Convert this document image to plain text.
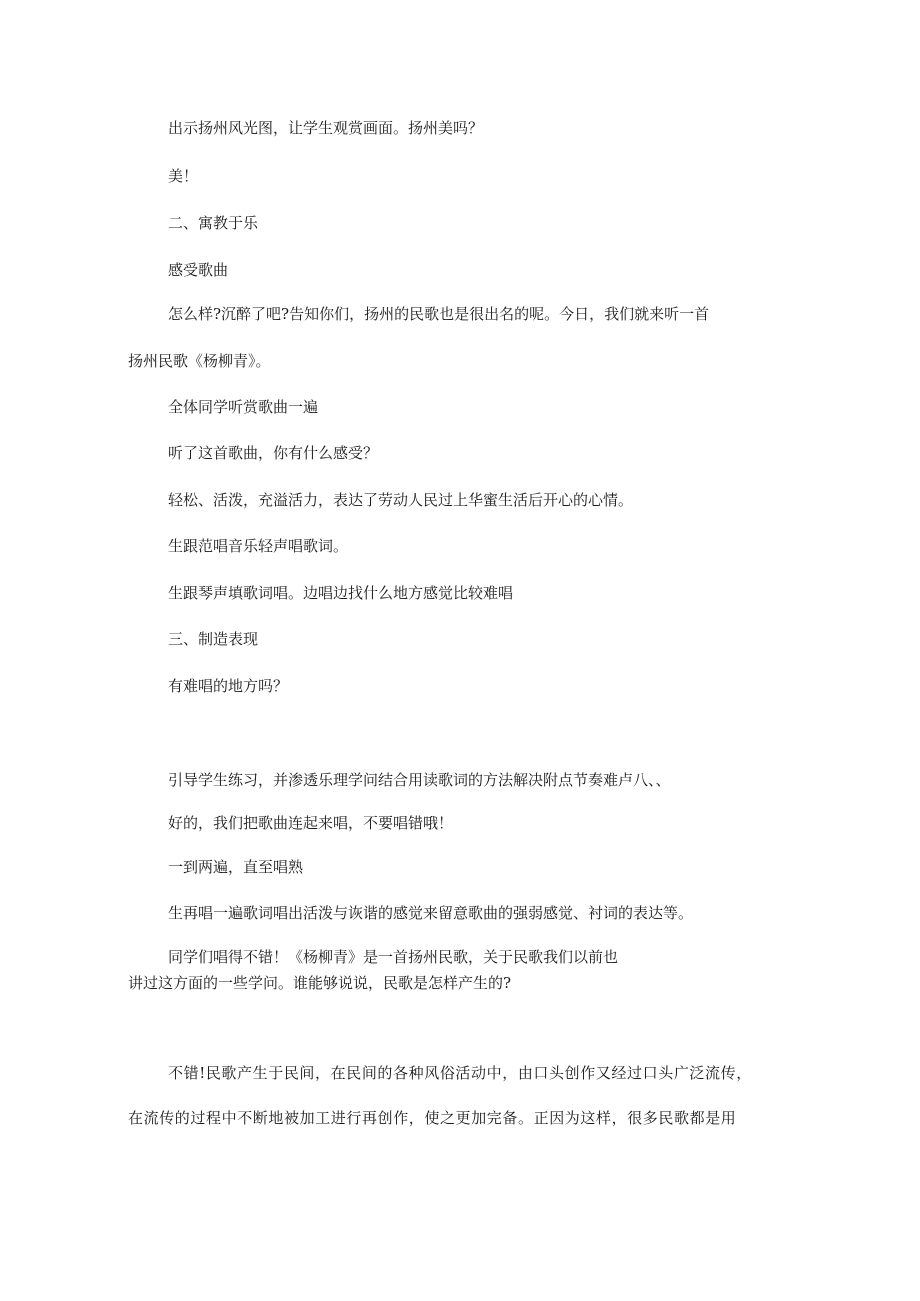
出示扬州风光图，让学生观赏画面。扬州美吗？
美！
二、寓教于乐
感受歌曲
怎么样?沉醉了吧?告知你们，扬州的民歌也是很出名的呢。今日，我们就来听一首
扬州民歌《杨柳青》。
全体同学听赏歌曲一遍
听了这首歌曲，你有什么感受？
轻松、活泼，充溢活力，表达了劳动人民过上华蜜生活后开心的心情。
生跟范唱音乐轻声唱歌词。
生跟琴声填歌词唱。边唱边找什么地方感觉比较难唱
三、制造表现
有难唱的地方吗？
引导学生练习，并渗透乐理学问结合用读歌词的方法解决附点节奏难卢八、、
好的，我们把歌曲连起来唱，不要唱错哦！
一到两遍，直至唱熟
生再唱一遍歌词唱出活泼与诙谐的感觉来留意歌曲的强弱感觉、衬词的表达等。
同学们唱得不错！《杨柳青》是一首扬州民歌，关于民歌我们以前也
讲过这方面的一些学问。谁能够说说，民歌是怎样产生的?
不错!民歌产生于民间，在民间的各种风俗活动中，由口头创作又经过口头广泛流传，
在流传的过程中不断地被加工进行再创作，使之更加完备。正因为这样，很多民歌都是用
